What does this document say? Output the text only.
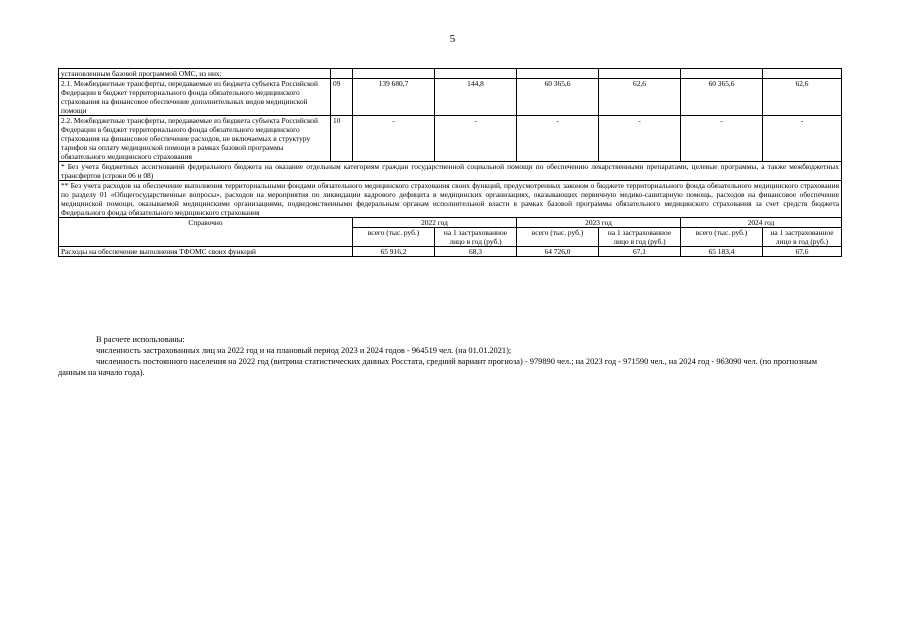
5
установленным базовой программой ОМС, из них:							
2.1. Межбюджетные трансферты, передаваемые из бюджета субъекта Российской Федерации в бюджет территориального фонда обязательного медицинского страхования на финансовое обеспечение дополнительных видов медицинской помощи	09	139 680,7	144,8	60 365,6	62,6	60 365,6	62,6
2.2. Межбюджетные трансферты, передаваемые из бюджета субъекта Российской Федерации в бюджет территориального фонда обязательного медицинского страхования на финансовое обеспечение расходов, не включаемых в структуру тарифов на оплату медицинской помощи в рамках базовой программы обязательного медицинского страхования	10	-	-	-	-	-	-
* Без учета бюджетных ассигнований федерального бюджета на оказание отдельным категориям граждан государственной социальной помощи по обеспечению лекарственными препаратами, целевые программы, а также межбюджетных трансфертов (строки 06 и 08)							
** Без учета расходов на обеспечение выполнения территориальными фондами обязательного медицинского страхования своих функций, предусмотренных законом о бюджете территориального фонда обязательного медицинского страхования по разделу 01 «Общегосударственные вопросы», расходов на мероприятия по ликвидации кадрового дефицита в медицинских организациях, оказывающих первичную медико-санитарную помощь, расходов на финансовое обеспечение медицинской помощи, оказываемой медицинскими организациями, подведомственными федеральным органам исполнительной власти в рамках базовой программы обязательного медицинского страхования за счет средств бюджета Федерального фонда обязательного медицинского страхования							
Справочно		2022 год		2023 год		2024 год	
		всего (тыс. руб.)	на 1 застрахованное лицо в год (руб.)	всего (тыс. руб.)	на 1 застрахованное лицо в год (руб.)	всего (тыс. руб.)	на 1 застрахованное лицо в год (руб.)
Расходы на обеспечение выполнения ТФОМС своих функций		65 916,2	68,3	64 726,0	67,1	65 183,4	67,6

В расчете использованы:

численность застрахованных лиц на 2022 год и на плановый период 2023 и 2024 годов - 964519 чел. (на 01.01.2021);

численность постоянного населения на 2022 год (витрина статистических данных Росстата, средний вариант прогноза) - 979890 чел.; на 2023 год - 971590 чел., на 2024 год - 963090 чел. (по прогнозным данным на начало года).
